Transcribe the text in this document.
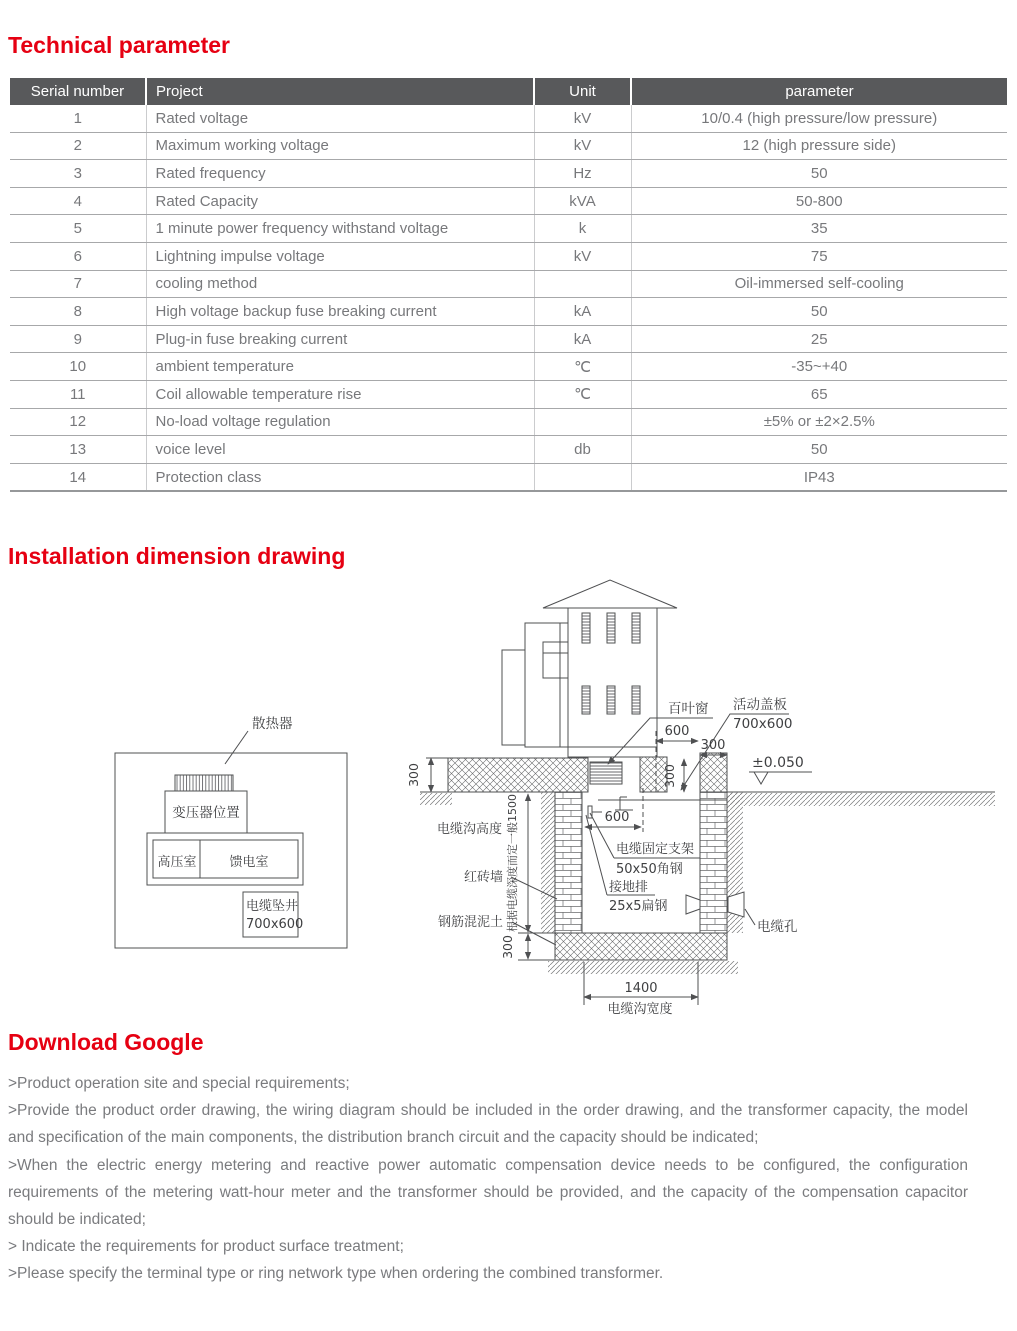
Technical parameter
Serial number	Project	Unit	parameter
1	Rated voltage	kV	10/0.4 (high pressure/low pressure)
2	Maximum working voltage	kV	12 (high pressure side)
3	Rated frequency	Hz	50
4	Rated Capacity	kVA	50-800
5	1 minute power frequency withstand voltage	k	35
6	Lightning impulse voltage	kV	75
7	cooling method		Oil-immersed self-cooling
8	High voltage backup fuse breaking current	kA	50
9	Plug-in fuse breaking current	kA	25
10	ambient temperature	℃	-35~+40
11	Coil allowable temperature rise	℃	65
12	No-load voltage regulation		±5% or ±2×2.5%
13	voice level	db	50
14	Protection class		IP43
Installation dimension drawing
散热器
变压器位置
高压室	馈电室
电缆坠井
700x600
百叶窗 活动盖板
700x600
600
300
±0.050
300	300
电缆沟高度 根据电缆深度而定一般1500	600
电缆固定支架
50x50角钢
接地排
25x5扁钢
红砖墙
钢筋混泥土
300
1400
电缆沟宽度
电缆孔
Download Google

>Product operation site and special requirements;

>Provide the product order drawing, the wiring diagram should be included in the order drawing, and the transformer capacity, the model and specification of the main components, the distribution branch circuit and the capacity should be indicated;

>When the electric energy metering and reactive power automatic compensation device needs to be configured, the configuration requirements of the metering watt-hour meter and the transformer should be provided, and the capacity of the compensation capacitor should be indicated;

> Indicate the requirements for product surface treatment;

>Please specify the terminal type or ring network type when ordering the combined transformer.
